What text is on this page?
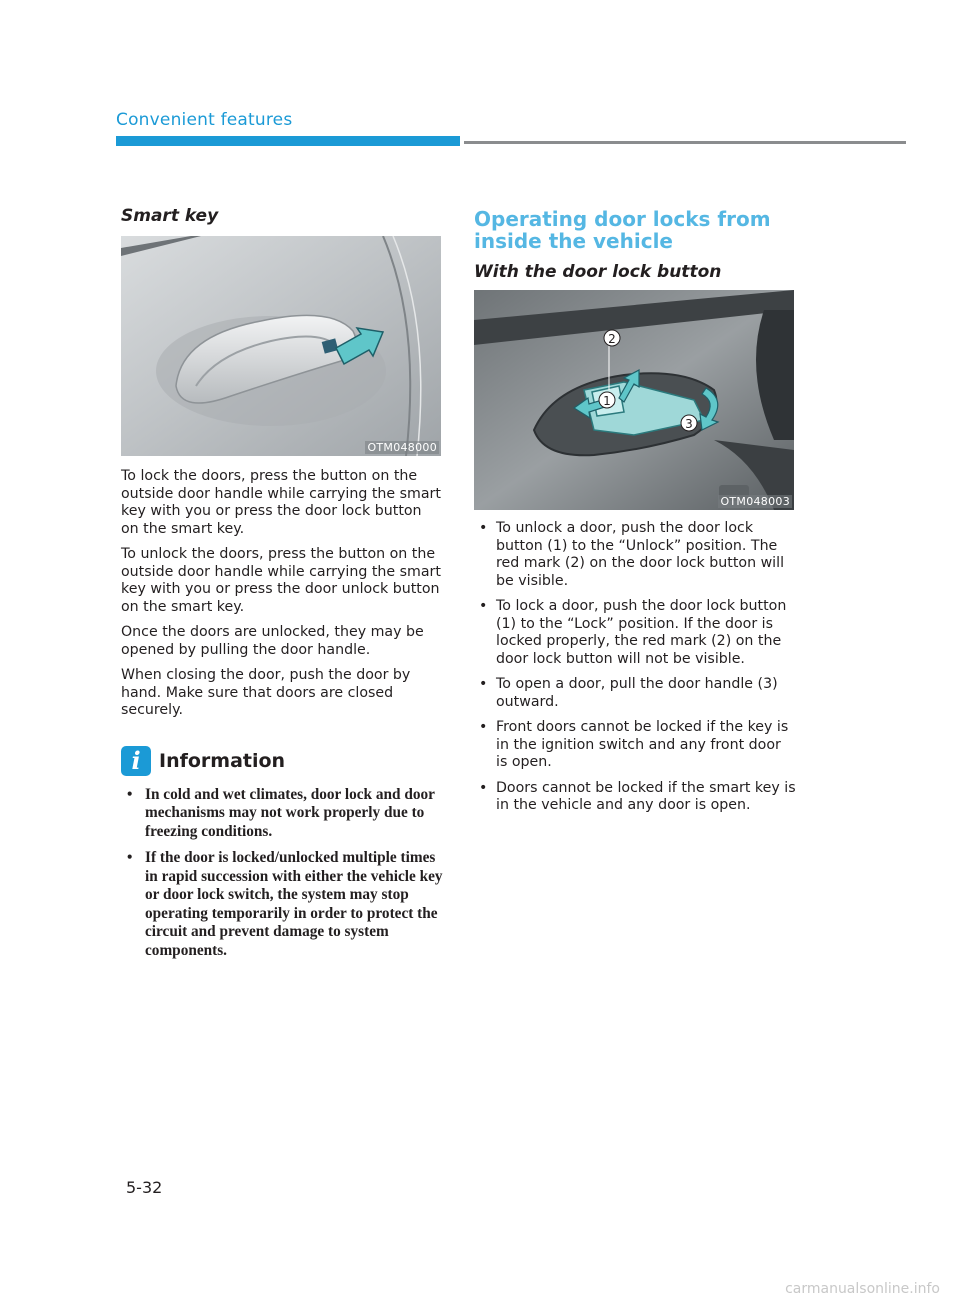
Convenient features
Smart key
OTM048000

To lock the doors, press the button on the outside door handle while carrying the smart key with you or press the door lock button on the smart key.

To unlock the doors, press the button on the outside door handle while carrying the smart key with you or press the door unlock button on the smart key.

Once the doors are unlocked, they may be opened by pulling the door handle.

When closing the door, push the door by hand. Make sure that doors are closed securely.

i Information
• In cold and wet climates, door lock and door mechanisms may not work properly due to freezing conditions.
• If the door is locked/unlocked multiple times in rapid succession with either the vehicle key or door lock switch, the system may stop operating temporarily in order to protect the circuit and prevent damage to system components.
Operating door locks from inside the vehicle
With the door lock button
2
1
3
OTM048003
• To unlock a door, push the door lock button (1) to the “Unlock” position. The red mark (2) on the door lock button will be visible.
• To lock a door, push the door lock button (1) to the “Lock” position. If the door is locked properly, the red mark (2) on the door lock button will not be visible.
• To open a door, pull the door handle (3) outward.
• Front doors cannot be locked if the key is in the ignition switch and any front door is open.
• Doors cannot be locked if the smart key is in the vehicle and any door is open.
5-32
carmanualsonline.info
